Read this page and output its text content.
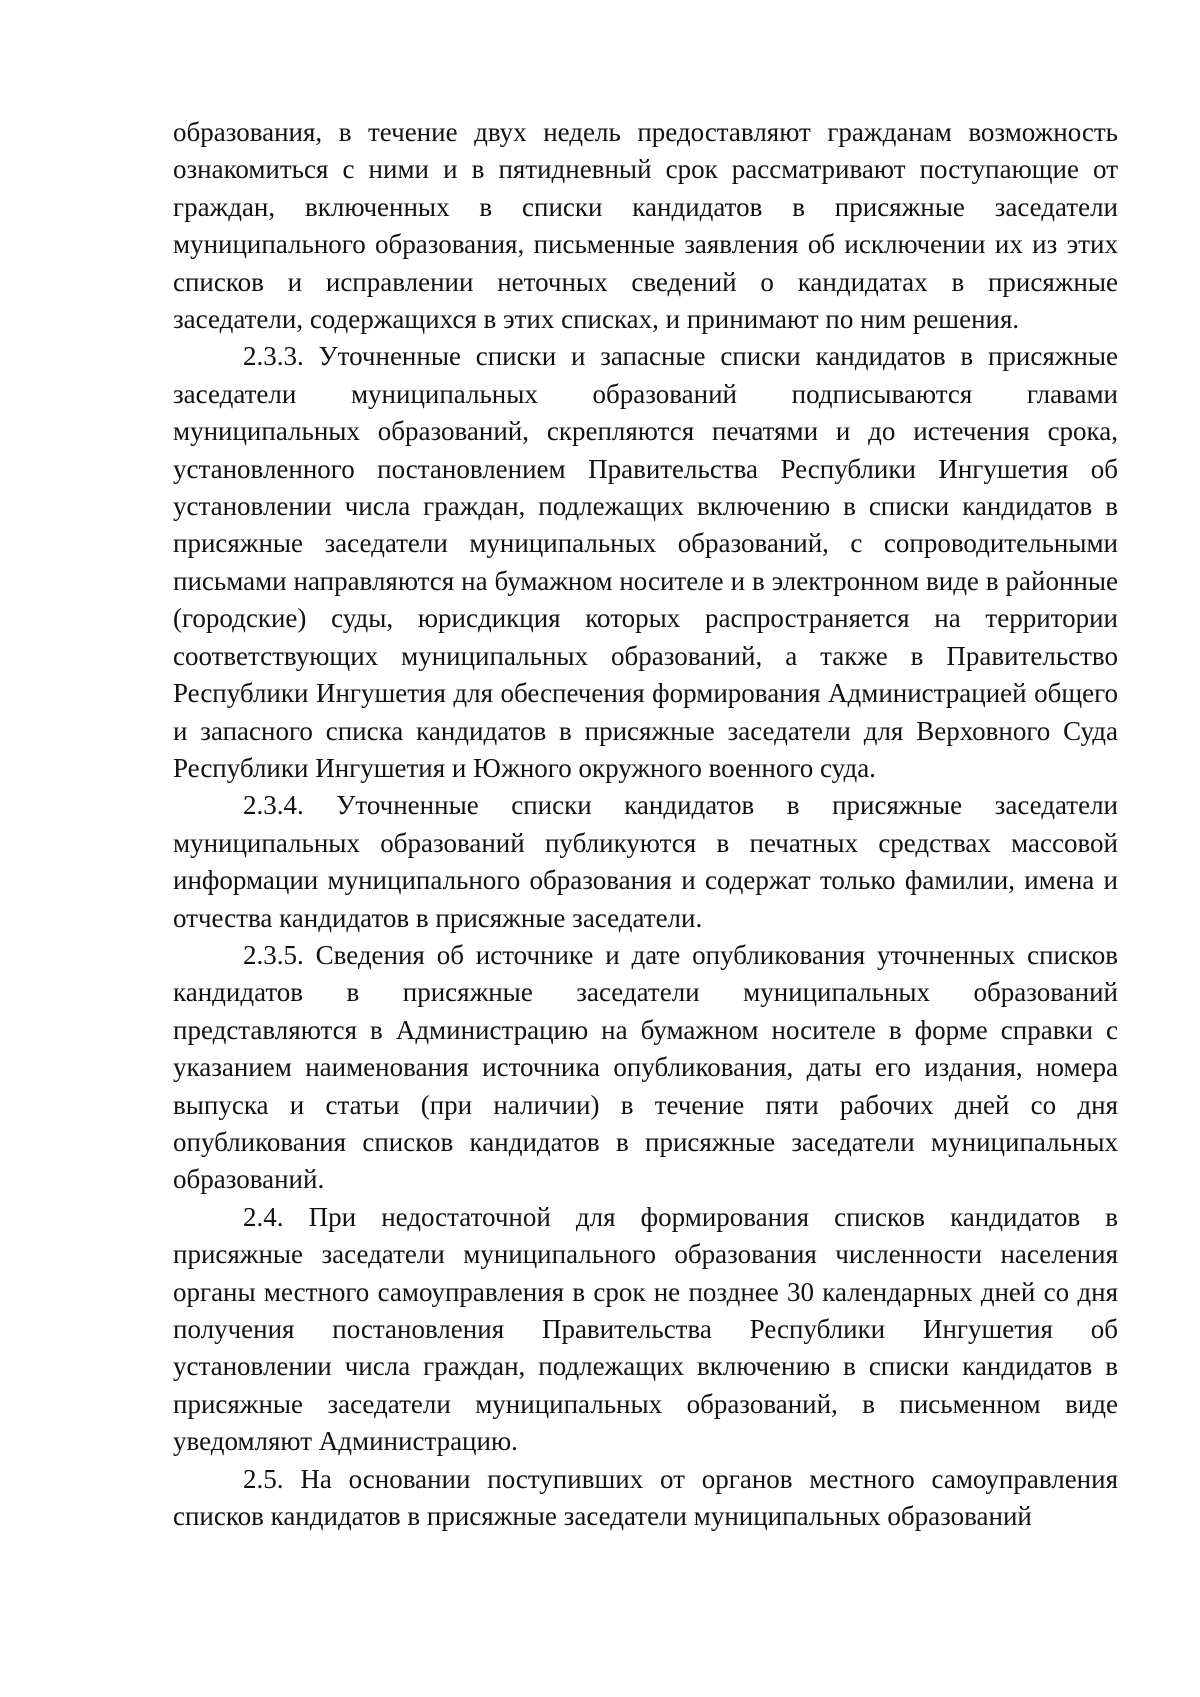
образования, в течение двух недель предоставляют гражданам возможность ознакомиться с ними и в пятидневный срок рассматривают поступающие от граждан, включенных в списки кандидатов в присяжные заседатели муниципального образования, письменные заявления об исключении их из этих списков и исправлении неточных сведений о кандидатах в присяжные заседатели, содержащихся в этих списках, и принимают по ним решения.

2.3.3. Уточненные списки и запасные списки кандидатов в присяжные заседатели муниципальных образований подписываются главами муниципальных образований, скрепляются печатями и до истечения срока, установленного постановлением Правительства Республики Ингушетия об установлении числа граждан, подлежащих включению в списки кандидатов в присяжные заседатели муниципальных образований, с сопроводительными письмами направляются на бумажном носителе и в электронном виде в районные (городские) суды, юрисдикция которых распространяется на территории соответствующих муниципальных образований, а также в Правительство Республики Ингушетия для обеспечения формирования Администрацией общего и запасного списка кандидатов в присяжные заседатели для Верховного Суда Республики Ингушетия и Южного окружного военного суда.

2.3.4. Уточненные списки кандидатов в присяжные заседатели муниципальных образований публикуются в печатных средствах массовой информации муниципального образования и содержат только фамилии, имена и отчества кандидатов в присяжные заседатели.

2.3.5. Сведения об источнике и дате опубликования уточненных списков кандидатов в присяжные заседатели муниципальных образований представляются в Администрацию на бумажном носителе в форме справки с указанием наименования источника опубликования, даты его издания, номера выпуска и статьи (при наличии) в течение пяти рабочих дней со дня опубликования списков кандидатов в присяжные заседатели муниципальных образований.

2.4. При недостаточной для формирования списков кандидатов в присяжные заседатели муниципального образования численности населения органы местного самоуправления в срок не позднее 30 календарных дней со дня получения постановления Правительства Республики Ингушетия об установлении числа граждан, подлежащих включению в списки кандидатов в присяжные заседатели муниципальных образований, в письменном виде уведомляют Администрацию.

2.5. На основании поступивших от органов местного самоуправления списков кандидатов в присяжные заседатели муниципальных образований
